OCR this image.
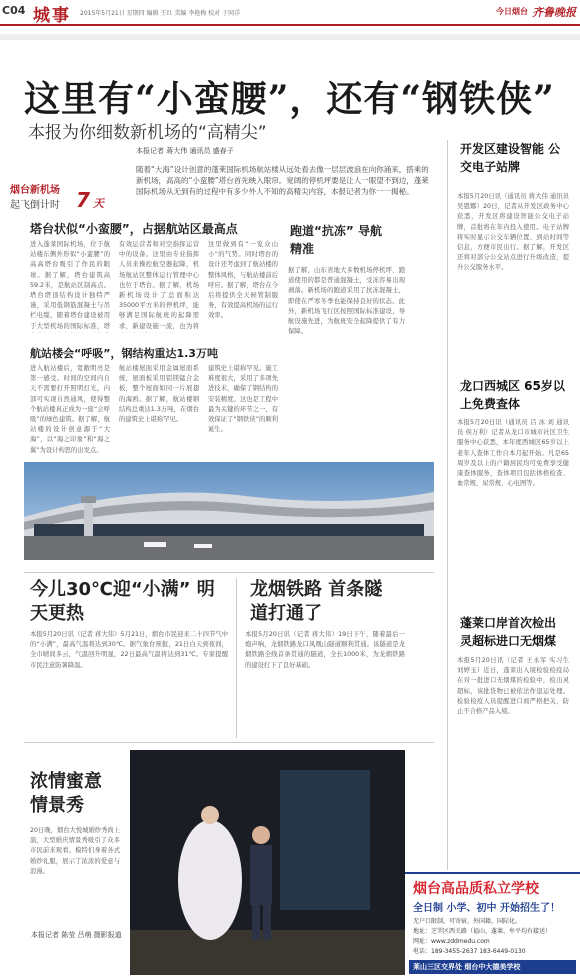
C04 城事 2015年5月21日 星期四 编辑 王红 美编 李艳梅 校对 于同洋	今日烟台 齐鲁晚报
这里有“小蛮腰”，还有“钢铁侠”
本报为你细数新机场的“高精尖”
烟台新机场
起飞倒计时 7 天
本报记者 蒋大伟 通讯员 盛春子
随着“大海”设计创意的蓬莱国际机场航站楼从远处看去像一层层波浪在向你涌来，搭乘的新机场，高高的“小蛮腰”塔台首先映入眼帘。宽阔的停机坪要是让人一眼望不到边，蓬莱国际机场从无到有的过程中有多少外人不知的高精尖内容，本报记者为你一一揭秘。
塔台状似“小蛮腰”，占据航站区最高点
进入蓬莱国际机场，位于航站楼东侧外形似“小蛮腰”的高高塔台吸引了作民的眼球。据了解，塔台建筑高59.2米，是航站区制高点。塔台塔顶结构设计独特严谨，采用低钢筋混凝土与吊栏电缆，随着塔台建设被用于大型机场的国际标准，塔
有效运营者和对空指挥运营中的设备。这里由专业指挥人员来操控航空器起降，机场航站区整体运行管理中心也位于塔台。据了解，机场新机场设计了总面积达35000平方米的停机坪，能够满足国际航班的起降需求，新建设施一流，也为将
这里做到有“一览众山小”的气势。同时塔台的设计还考虑到了航站楼的整体风格，与航站楼前后呼应。据了解，塔台在今后将提供全天候管制服务，有效提高机场的运行效率。
跑道“抗冻” 导航精准
据了解，山东省地大多数机场停机坪、跑道使用的都是普通混凝土，受冻容易出现剥落。新机场的跑道采用了抗冻混凝土，即使在严寒冬季也能保持良好的状态。此外，新机场飞行区按照国际标准建设，导航设施先进，为航班安全起降提供了有力保障。
航站楼会“呼吸”，钢结构重达1.3万吨
进入航站楼后，宽敞明亮是第一感受。时间的空间内自天不需要打开照明灯光，内部可实现自然通风，使得整个航站楼真正成为一座“会呼吸”的绿色建筑。据了解，航站楼的设计创意源于“大海”，以“海之印象”和“海之翼”为设计构思的出发点。
航站楼屋面采用金属屋面系统，屋面板采用铝镁锰合金板，整个屋面如同一片展翅的海鸥。据了解，航站楼钢结构总重达1.3万吨，在烟台的建筑史上堪称罕见。
建筑史上堪称罕见。施工难度很大，采用了多项先进技术，确保了钢结构的安装精度。这也是工程中最为关键的环节之一，有效保证了“钢铁侠”的顺利诞生。
今儿30℃迎“小满” 明天更热
本报5月20日讯（记者 蒋大伟）5月21日，烟台市民迎来二十四节气中的“小满”，最高气温将达到30℃。据气象台预报，21日白天到夜间，全市晴间多云，气温回升明显，22日最高气温将达到31℃。专家提醒市民注意防暑降温。
龙烟铁路 首条隧道打通了
本报5月20日讯（记者 蒋大伟）19日下午，随着最后一炮声响，龙烟铁路龙口凤凰山隧道顺利贯通。该隧道是龙烟铁路全线首条贯通的隧道，全长1000米，为龙烟铁路的建设打下了良好基础。
浓情蜜意 情景秀
20日晚，烟台大悦城婚纱秀尚上演，大型婚庆情景秀吸引了众多市民前来观看。模特们身着各式婚纱礼服，展示了浓浓的爱意与浪漫。
本报记者 陈莹 吕萌 摄影报道
开发区建设智能 公交电子站牌
本报5月20日讯（通讯员 蒋大伟 通讯员 吴恩娜）20日，记者从开发区政务中心获悉，开发区将建设智能公交电子站牌，首批将在年内投入使用。电子站牌将实时显示公交车辆位置、到站时间等信息，方便市民出行。据了解，开发区还将对部分公交站点进行升级改造，提升公交服务水平。
龙口西城区 65岁以上免费查体
本报5月20日讯（通讯员 吕 冰 刘 通讯员 侯万利）记者从龙口市城市社区卫生服务中心获悉，本年度西城区65岁以上老年人查体工作自本月起开始。凡是65周岁及以上的户籍居民均可免费享受健康查体服务，查体项目包括体格检查、血常规、尿常规、心电图等。
蓬莱口岸首次检出 灵超标进口无烟煤
本报5月20日讯（记者 王永军 实习生 刘婷玉）近日，蓬莱出入境检验检疫局在对一批进口无烟煤的检验中，检出灵超标，该批货物已被依法作退运处理。检验检疫人员提醒进口商严格把关，防止不合格产品入境。
烟台高品质私立学校
全日制 小学、初中 开始招生了！
无户口限制，可寄宿，外国籍、国际化。
地址：芝罘区西关路（福山、蓬莱、牟平均有接送）
网址：www.zddmedu.com
电话：189-3455-2637 183-6449-0130
莱山三区交界处 烟台中大德美学校
